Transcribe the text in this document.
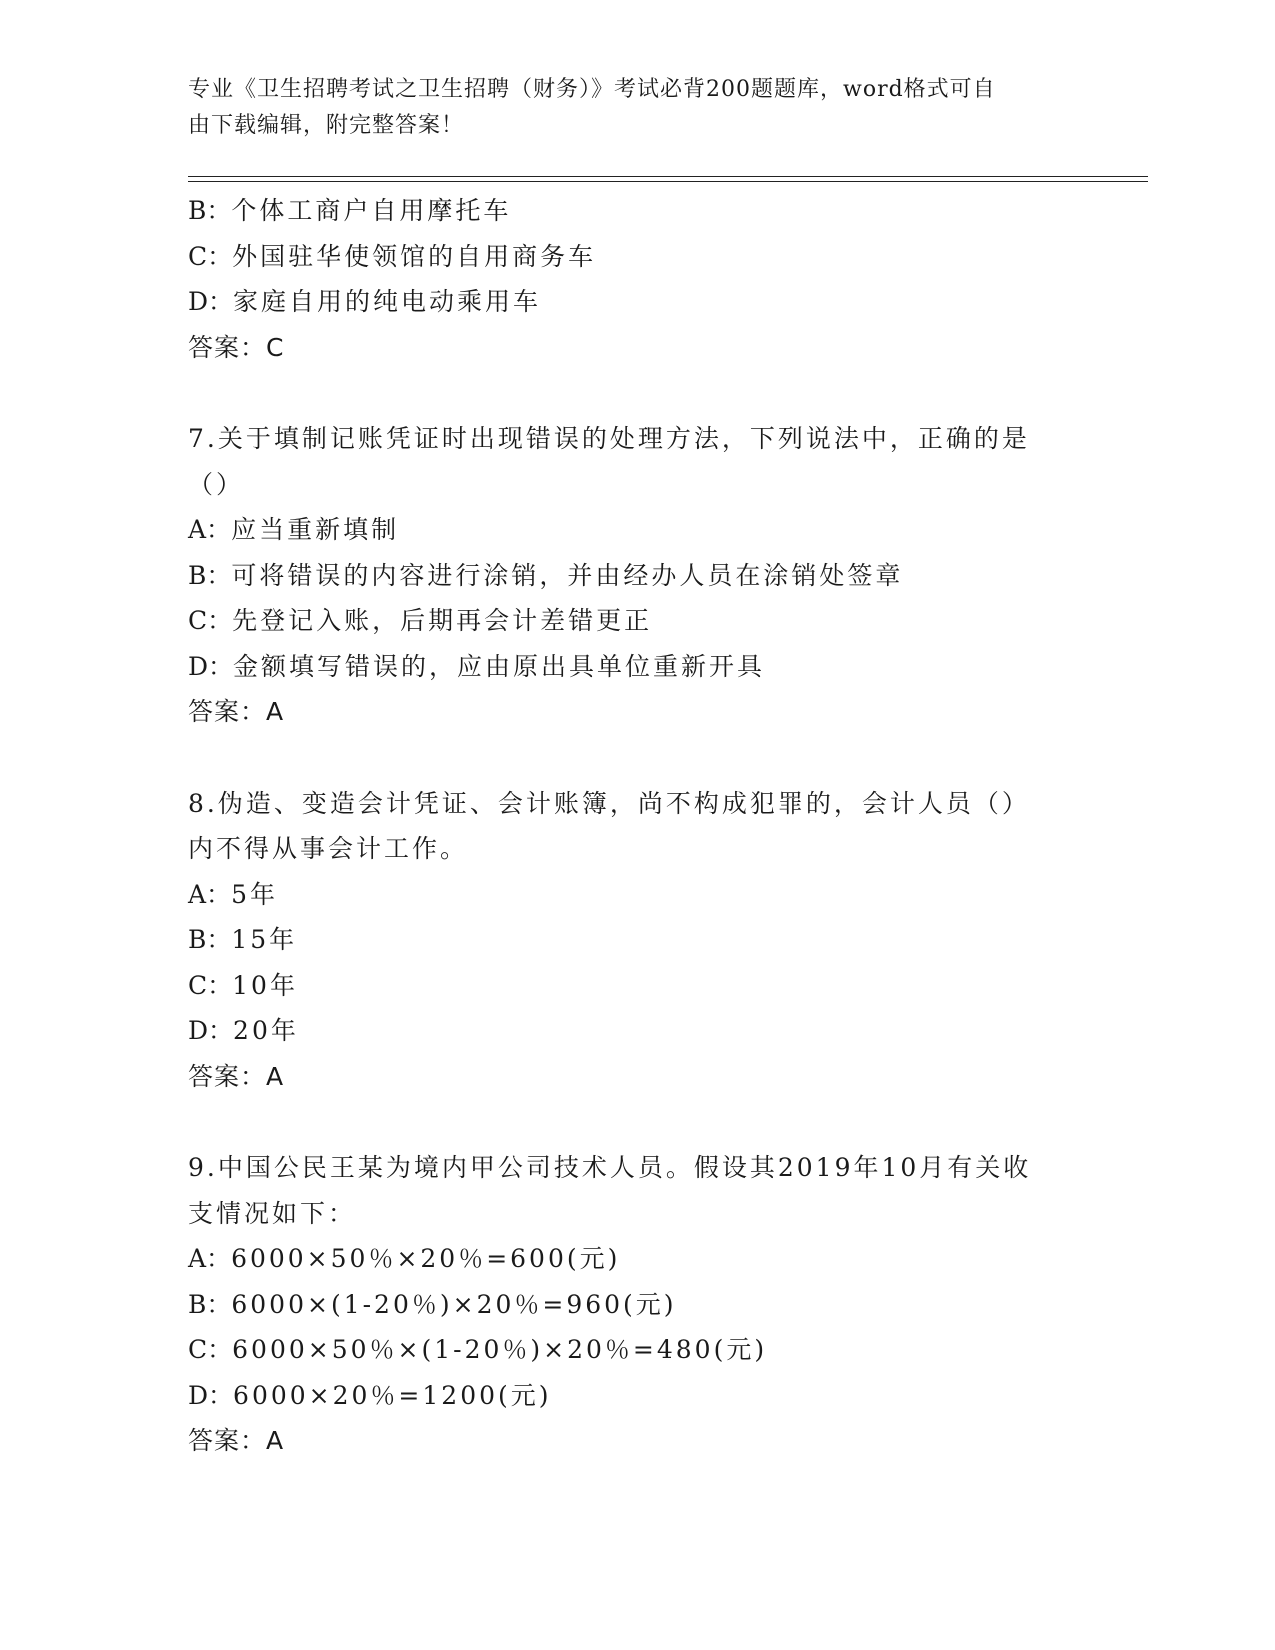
专业《卫生招聘考试之卫生招聘（财务）》考试必背200题题库，word格式可自
由下载编辑，附完整答案！
B：个体工商户自用摩托车
C：外国驻华使领馆的自用商务车
D：家庭自用的纯电动乘用车
答案：C
7.关于填制记账凭证时出现错误的处理方法，下列说法中，正确的是
（）
A：应当重新填制
B：可将错误的内容进行涂销，并由经办人员在涂销处签章
C：先登记入账，后期再会计差错更正
D：金额填写错误的，应由原出具单位重新开具
答案：A
8.伪造、变造会计凭证、会计账簿，尚不构成犯罪的，会计人员（）
内不得从事会计工作。
A：5年
B：15年
C：10年
D：20年
答案：A
9.中国公民王某为境内甲公司技术人员。假设其2019年10月有关收
支情况如下：
A：6000×50％×20％=600(元)
B：6000×(1-20％)×20％=960(元)
C：6000×50％×(1-20％)×20％=480(元)
D：6000×20％=1200(元)
答案：A
